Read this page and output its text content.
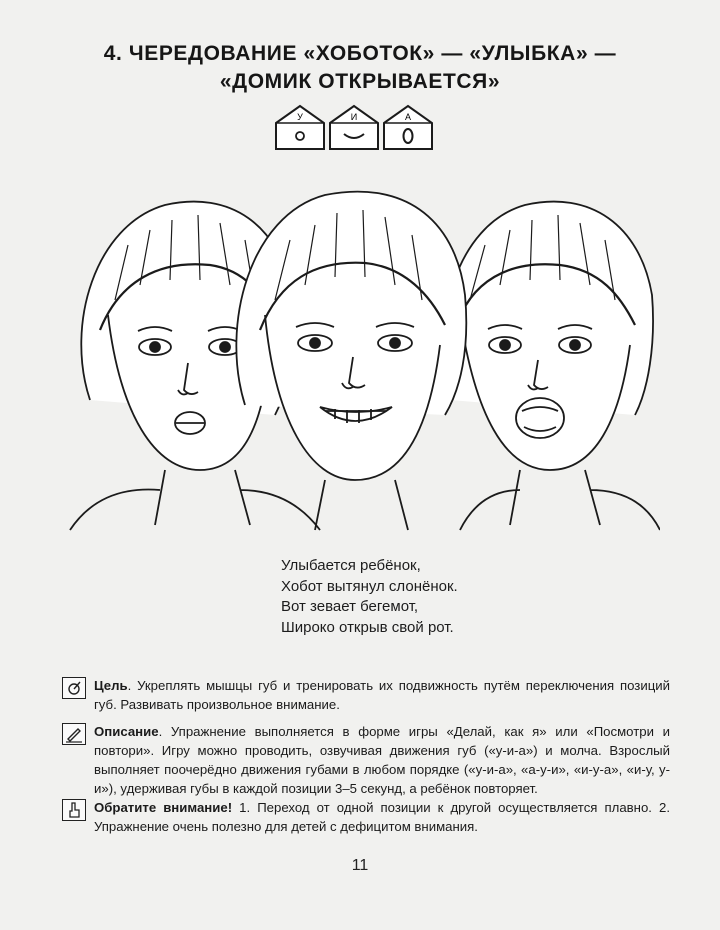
4. ЧЕРЕДОВАНИЕ «ХОБОТОК» — «УЛЫБКА» —
«ДОМИК ОТКРЫВАЕТСЯ»
У	И	А
Улыбается ребёнок,
Хобот вытянул слонёнок.
Вот зевает бегемот,
Широко открыв свой рот.
Цель. Укреплять мышцы губ и тренировать их подвижность путём переключения позиций губ. Развивать произвольное внимание.
Описание. Упражнение выполняется в форме игры «Делай, как я» или «Посмотри и повтори». Игру можно проводить, озвучивая движения губ («у-и-а») и молча. Взрослый выполняет поочерёдно движения губами в любом порядке («у-и-а», «а-у-и», «и-у-а», «и-у, у-и»), удерживая губы в каждой позиции 3–5 секунд, а ребёнок повторяет.
Обратите внимание! 1. Переход от одной позиции к другой осуществляется плавно. 2. Упражнение очень полезно для детей с дефицитом внимания.
11
